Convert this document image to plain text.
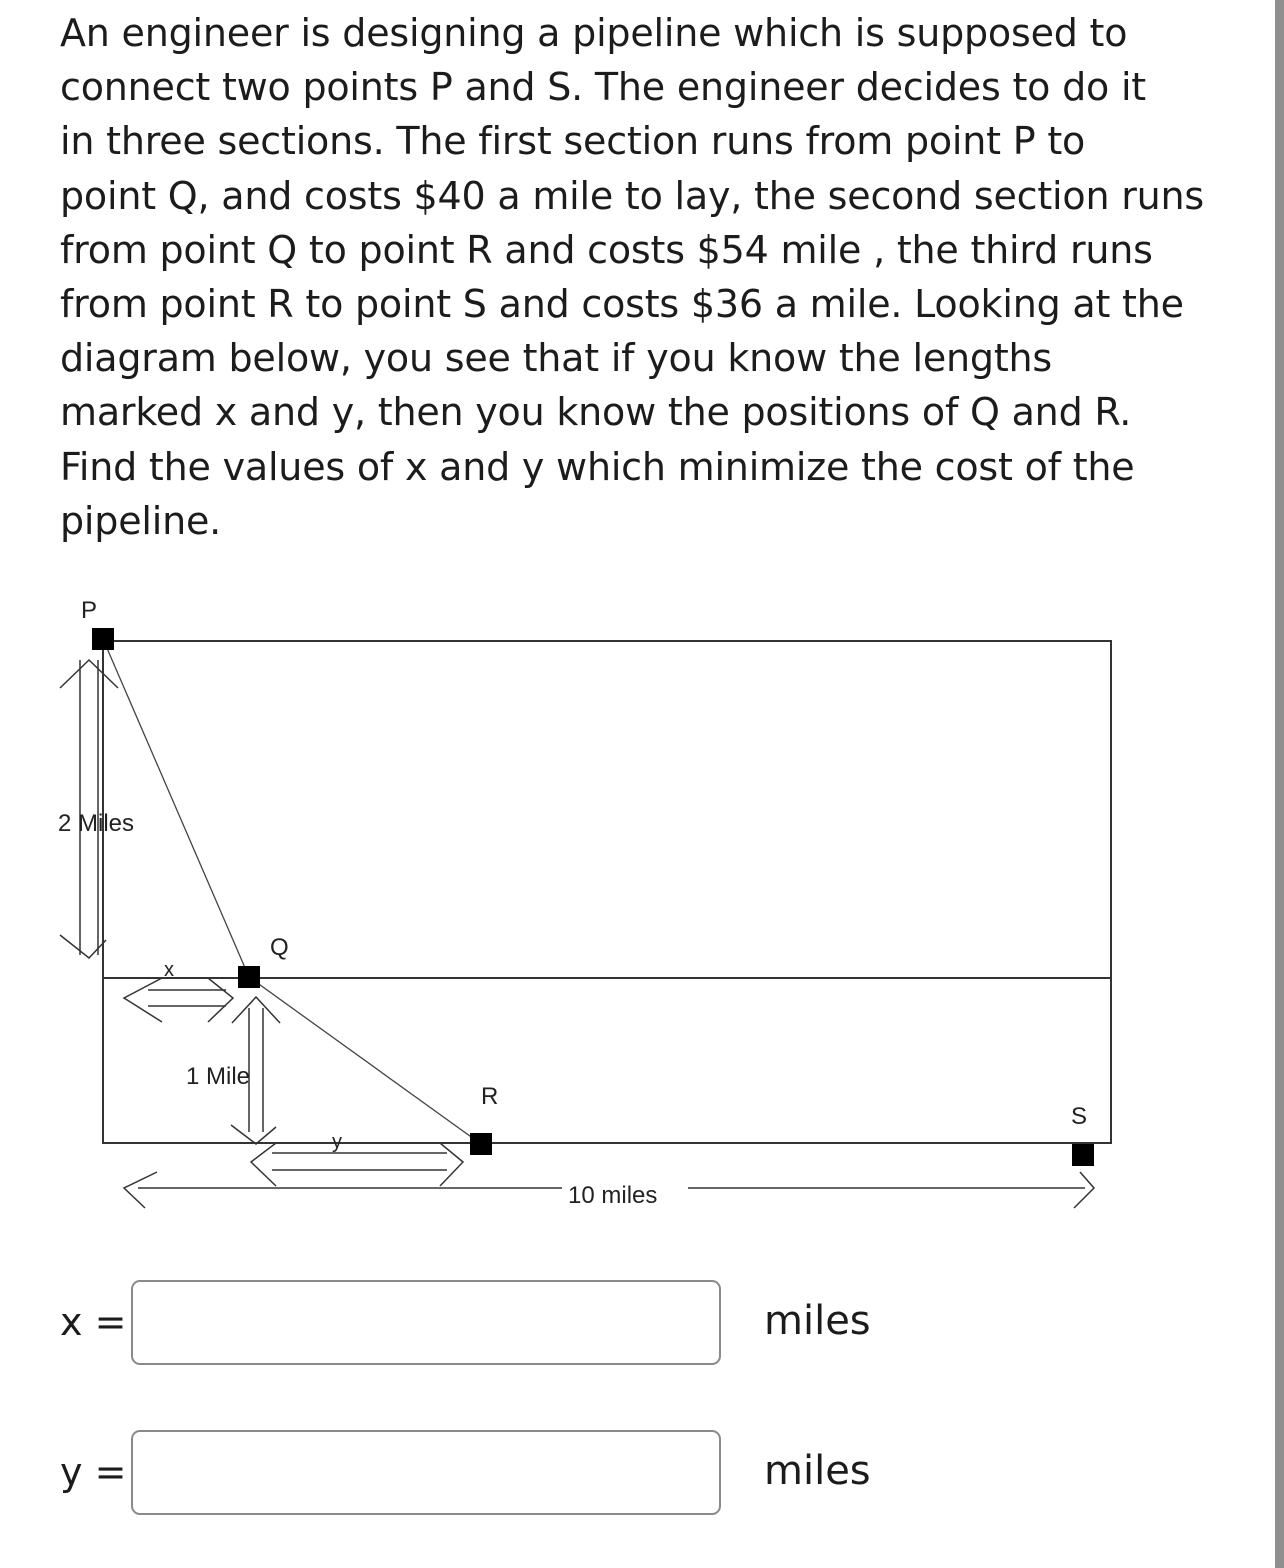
An engineer is designing a pipeline which is supposed to
connect two points P and S. The engineer decides to do it
in three sections. The first section runs from point P to
point Q, and costs $40 a mile to lay, the second section runs
from point Q to point R and costs $54 mile , the third runs
from point R to point S and costs $36 a mile. Looking at the
diagram below, you see that if you know the lengths
marked x and y, then you know the positions of Q and R.
Find the values of x and y which minimize the cost of the
pipeline.

P
Q
R
S
2 Miles
x
1 Mile
y
10 miles
x =	miles
y =	miles
